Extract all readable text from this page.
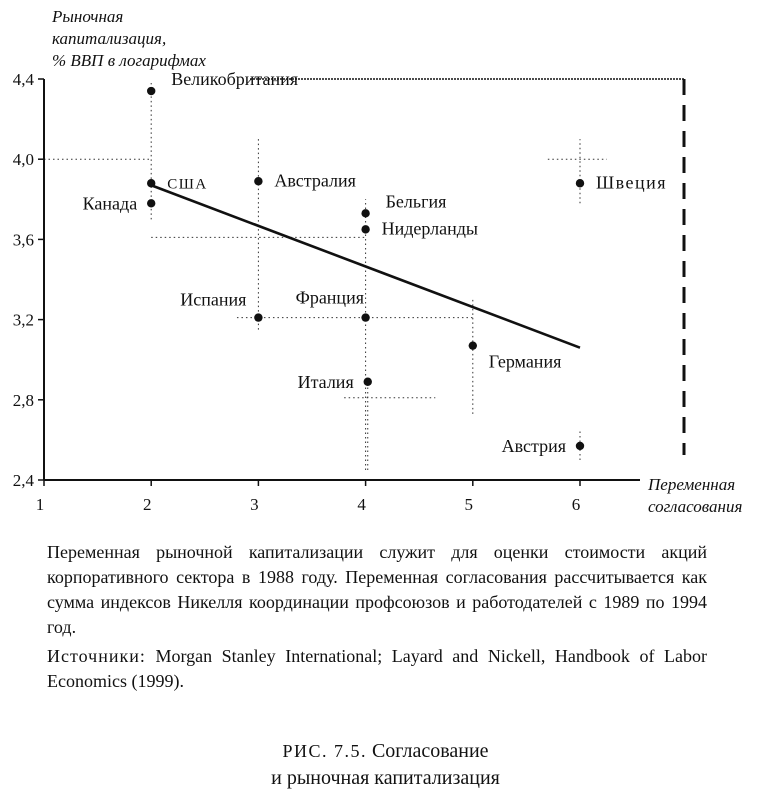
Великобритания
США
Канада
Австралия
Бельгия
Нидерланды
Испания	Франция
Германия
Италия
Швеция
Австрия
2,4
2,8
3,2
3,6
4,0
4,4
1	2	3	4	5	6
Рыночная капитализация, % ВВП в логарифмах
Переменная согласования

Переменная рыночной капитализации служит для оценки стоимости акций корпоративного сектора в 1988 году. Переменная согласования рассчитывается как сумма индексов Никелля координации профсоюзов и работодателей с 1989 по 1994 год.

Источники: Morgan Stanley International; Layard and Nickell, Handbook of Labor Economics (1999).

РИС. 7.5. Согласование
и рыночная капитализация
